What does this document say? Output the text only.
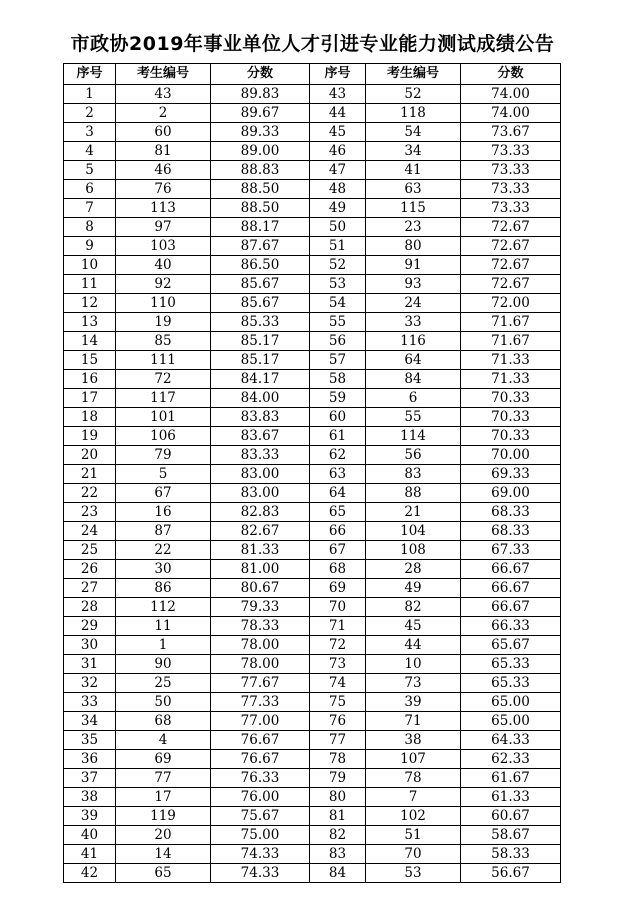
市政协2019年事业单位人才引进专业能力测试成绩公告
序号	考生编号	分数	序号	考生编号	分数
1	43	89.83	43	52	74.00
2	2	89.67	44	118	74.00
3	60	89.33	45	54	73.67
4	81	89.00	46	34	73.33
5	46	88.83	47	41	73.33
6	76	88.50	48	63	73.33
7	113	88.50	49	115	73.33
8	97	88.17	50	23	72.67
9	103	87.67	51	80	72.67
10	40	86.50	52	91	72.67
11	92	85.67	53	93	72.67
12	110	85.67	54	24	72.00
13	19	85.33	55	33	71.67
14	85	85.17	56	116	71.67
15	111	85.17	57	64	71.33
16	72	84.17	58	84	71.33
17	117	84.00	59	6	70.33
18	101	83.83	60	55	70.33
19	106	83.67	61	114	70.33
20	79	83.33	62	56	70.00
21	5	83.00	63	83	69.33
22	67	83.00	64	88	69.00
23	16	82.83	65	21	68.33
24	87	82.67	66	104	68.33
25	22	81.33	67	108	67.33
26	30	81.00	68	28	66.67
27	86	80.67	69	49	66.67
28	112	79.33	70	82	66.67
29	11	78.33	71	45	66.33
30	1	78.00	72	44	65.67
31	90	78.00	73	10	65.33
32	25	77.67	74	73	65.33
33	50	77.33	75	39	65.00
34	68	77.00	76	71	65.00
35	4	76.67	77	38	64.33
36	69	76.67	78	107	62.33
37	77	76.33	79	78	61.67
38	17	76.00	80	7	61.33
39	119	75.67	81	102	60.67
40	20	75.00	82	51	58.67
41	14	74.33	83	70	58.33
42	65	74.33	84	53	56.67
